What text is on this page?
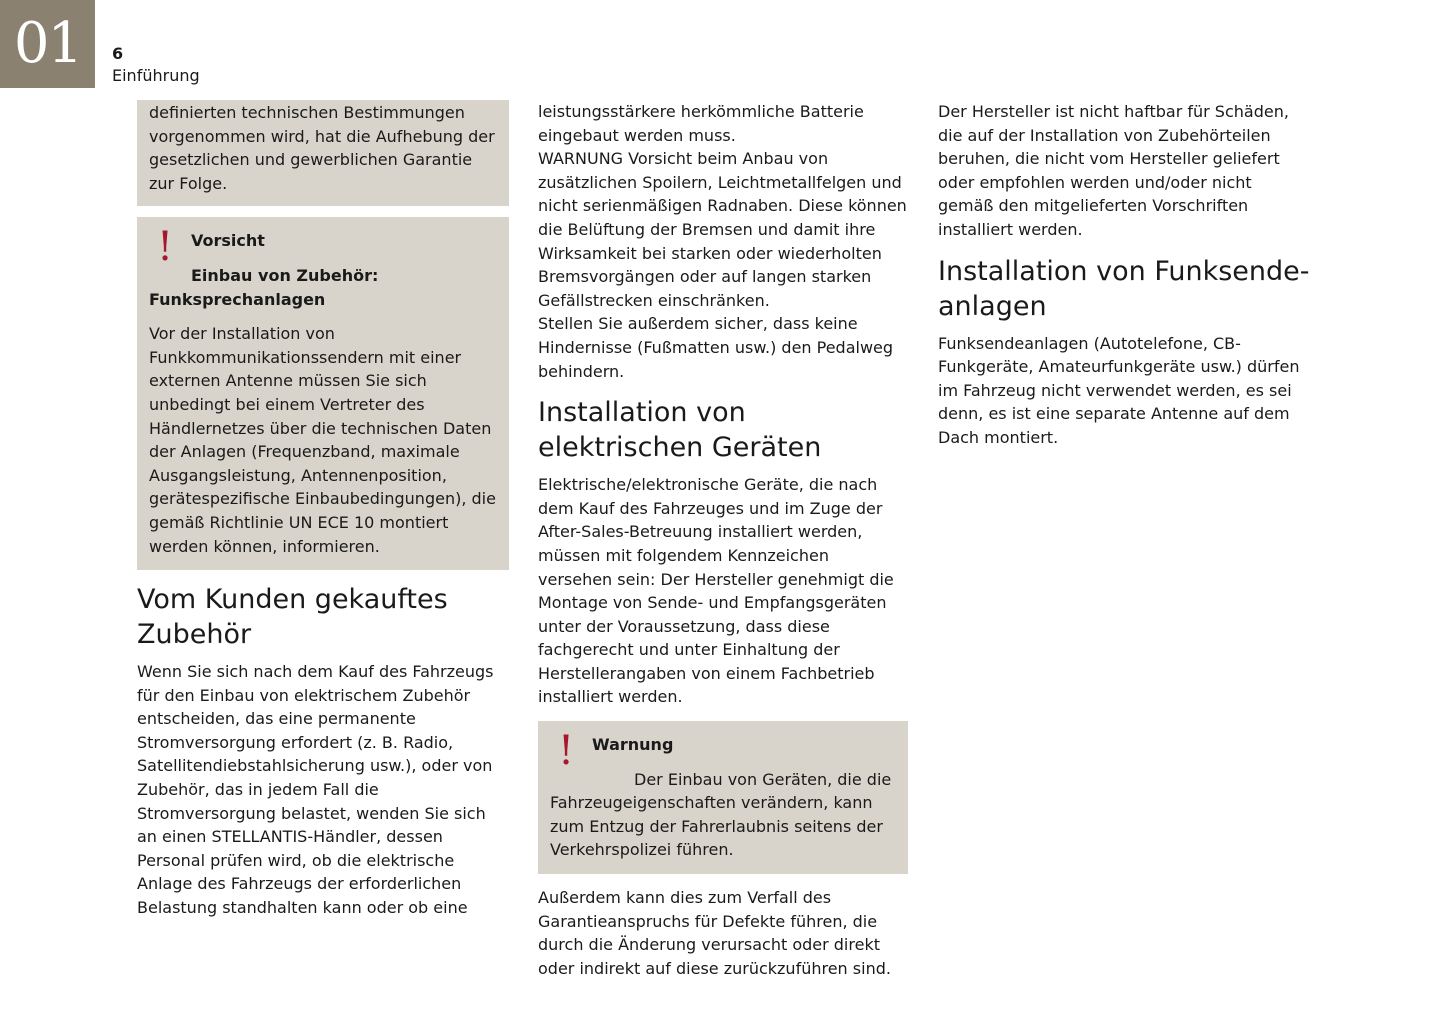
01	6
Einführung

definierten technischen Bestimmungen vorgenommen wird, hat die Aufhebung der gesetzlichen und gewerblichen Garantie zur Folge.

!	Vorsicht

Einbau von Zubehör:

Funksprechanlagen

Vor der Installation von Funkkommunikationssendern mit einer externen Antenne müssen Sie sich unbedingt bei einem Vertreter des Händlernetzes über die technischen Daten der Anlagen (Frequenzband, maximale Ausgangsleistung, Antennenposition, gerätespezifische Einbaubedingungen), die gemäß Richtlinie UN ECE 10 montiert werden können, informieren.

Vom Kunden gekauftes Zubehör

Wenn Sie sich nach dem Kauf des Fahrzeugs für den Einbau von elektrischem Zubehör entscheiden, das eine permanente Stromversorgung erfordert (z. B. Radio, Satellitendiebstahlsicherung usw.), oder von Zubehör, das in jedem Fall die Stromversorgung belastet, wenden Sie sich an einen STELLANTIS-Händler, dessen Personal prüfen wird, ob die elektrische Anlage des Fahrzeugs der erforderlichen Belastung standhalten kann oder ob eine

leistungsstärkere herkömmliche Batterie eingebaut werden muss.

WARNUNG Vorsicht beim Anbau von zusätzlichen Spoilern, Leichtmetallfelgen und nicht serienmäßigen Radnaben. Diese können die Belüftung der Bremsen und damit ihre Wirksamkeit bei starken oder wiederholten Bremsvorgängen oder auf langen starken Gefällstrecken einschränken.

Stellen Sie außerdem sicher, dass keine Hindernisse (Fußmatten usw.) den Pedalweg behindern.

Installation von elektrischen Geräten

Elektrische/elektronische Geräte, die nach dem Kauf des Fahrzeuges und im Zuge der After-Sales-Betreuung installiert werden, müssen mit folgendem Kennzeichen versehen sein: Der Hersteller genehmigt die Montage von Sende- und Empfangsgeräten unter der Voraussetzung, dass diese fachgerecht und unter Einhaltung der Herstellerangaben von einem Fachbetrieb installiert werden.

!	Warnung

Der Einbau von Geräten, die die Fahrzeugeigenschaften verändern, kann zum Entzug der Fahrerlaubnis seitens der Verkehrspolizei führen.

Außerdem kann dies zum Verfall des Garantieanspruchs für Defekte führen, die durch die Änderung verursacht oder direkt oder indirekt auf diese zurückzuführen sind.

Der Hersteller ist nicht haftbar für Schäden, die auf der Installation von Zubehörteilen beruhen, die nicht vom Hersteller geliefert oder empfohlen werden und/oder nicht gemäß den mitgelieferten Vorschriften installiert werden.

Installation von Funksendeanlagen

Funksendeanlagen (Autotelefone, CB-Funkgeräte, Amateurfunkgeräte usw.) dürfen im Fahrzeug nicht verwendet werden, es sei denn, es ist eine separate Antenne auf dem Dach montiert.
